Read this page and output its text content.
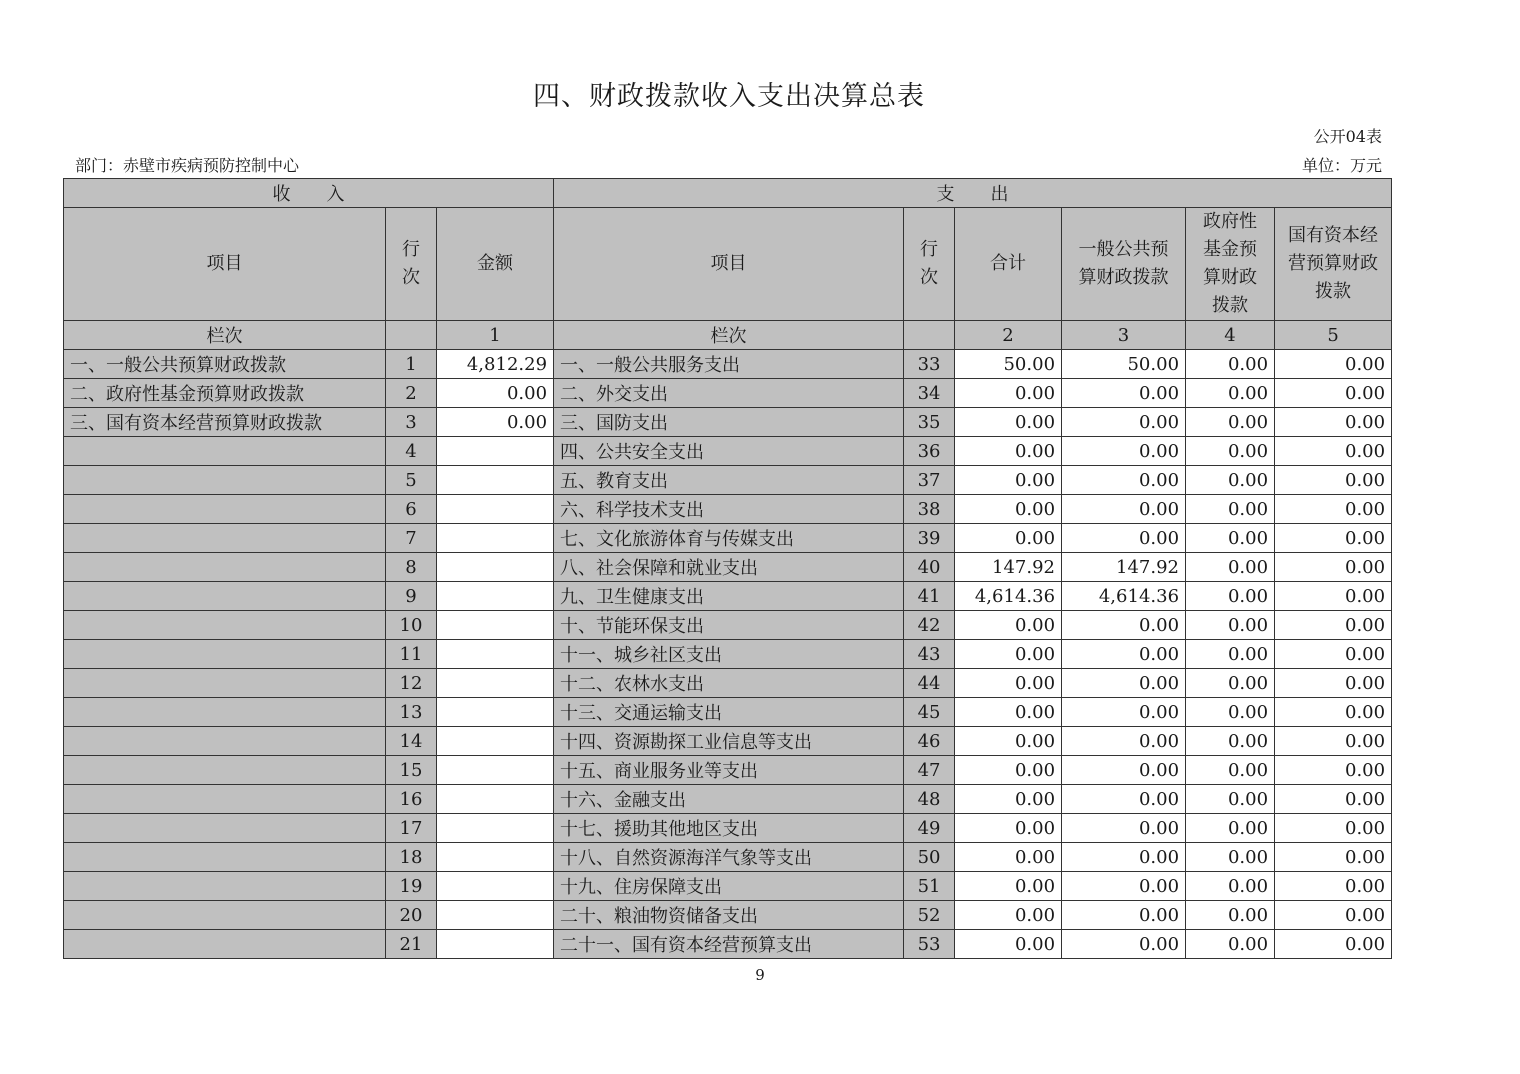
四、财政拨款收入支出决算总表
公开04表
部门：赤壁市疾病预防控制中心	单位：万元
收　　入			支　　出					
项目	行次	金额	项目	行次	合计	一般公共预算财政拨款	政府性基金预算财政拨款	国有资本经营预算财政拨款
栏次		1	栏次		2	3	4	5
一、一般公共预算财政拨款	1	4,812.29	一、一般公共服务支出	33	50.00	50.00	0.00	0.00
二、政府性基金预算财政拨款	2	0.00	二、外交支出	34	0.00	0.00	0.00	0.00
三、国有资本经营预算财政拨款	3	0.00	三、国防支出	35	0.00	0.00	0.00	0.00
	4		四、公共安全支出	36	0.00	0.00	0.00	0.00
	5		五、教育支出	37	0.00	0.00	0.00	0.00
	6		六、科学技术支出	38	0.00	0.00	0.00	0.00
	7		七、文化旅游体育与传媒支出	39	0.00	0.00	0.00	0.00
	8		八、社会保障和就业支出	40	147.92	147.92	0.00	0.00
	9		九、卫生健康支出	41	4,614.36	4,614.36	0.00	0.00
	10		十、节能环保支出	42	0.00	0.00	0.00	0.00
	11		十一、城乡社区支出	43	0.00	0.00	0.00	0.00
	12		十二、农林水支出	44	0.00	0.00	0.00	0.00
	13		十三、交通运输支出	45	0.00	0.00	0.00	0.00
	14		十四、资源勘探工业信息等支出	46	0.00	0.00	0.00	0.00
	15		十五、商业服务业等支出	47	0.00	0.00	0.00	0.00
	16		十六、金融支出	48	0.00	0.00	0.00	0.00
	17		十七、援助其他地区支出	49	0.00	0.00	0.00	0.00
	18		十八、自然资源海洋气象等支出	50	0.00	0.00	0.00	0.00
	19		十九、住房保障支出	51	0.00	0.00	0.00	0.00
	20		二十、粮油物资储备支出	52	0.00	0.00	0.00	0.00
	21		二十一、国有资本经营预算支出	53	0.00	0.00	0.00	0.00
9
